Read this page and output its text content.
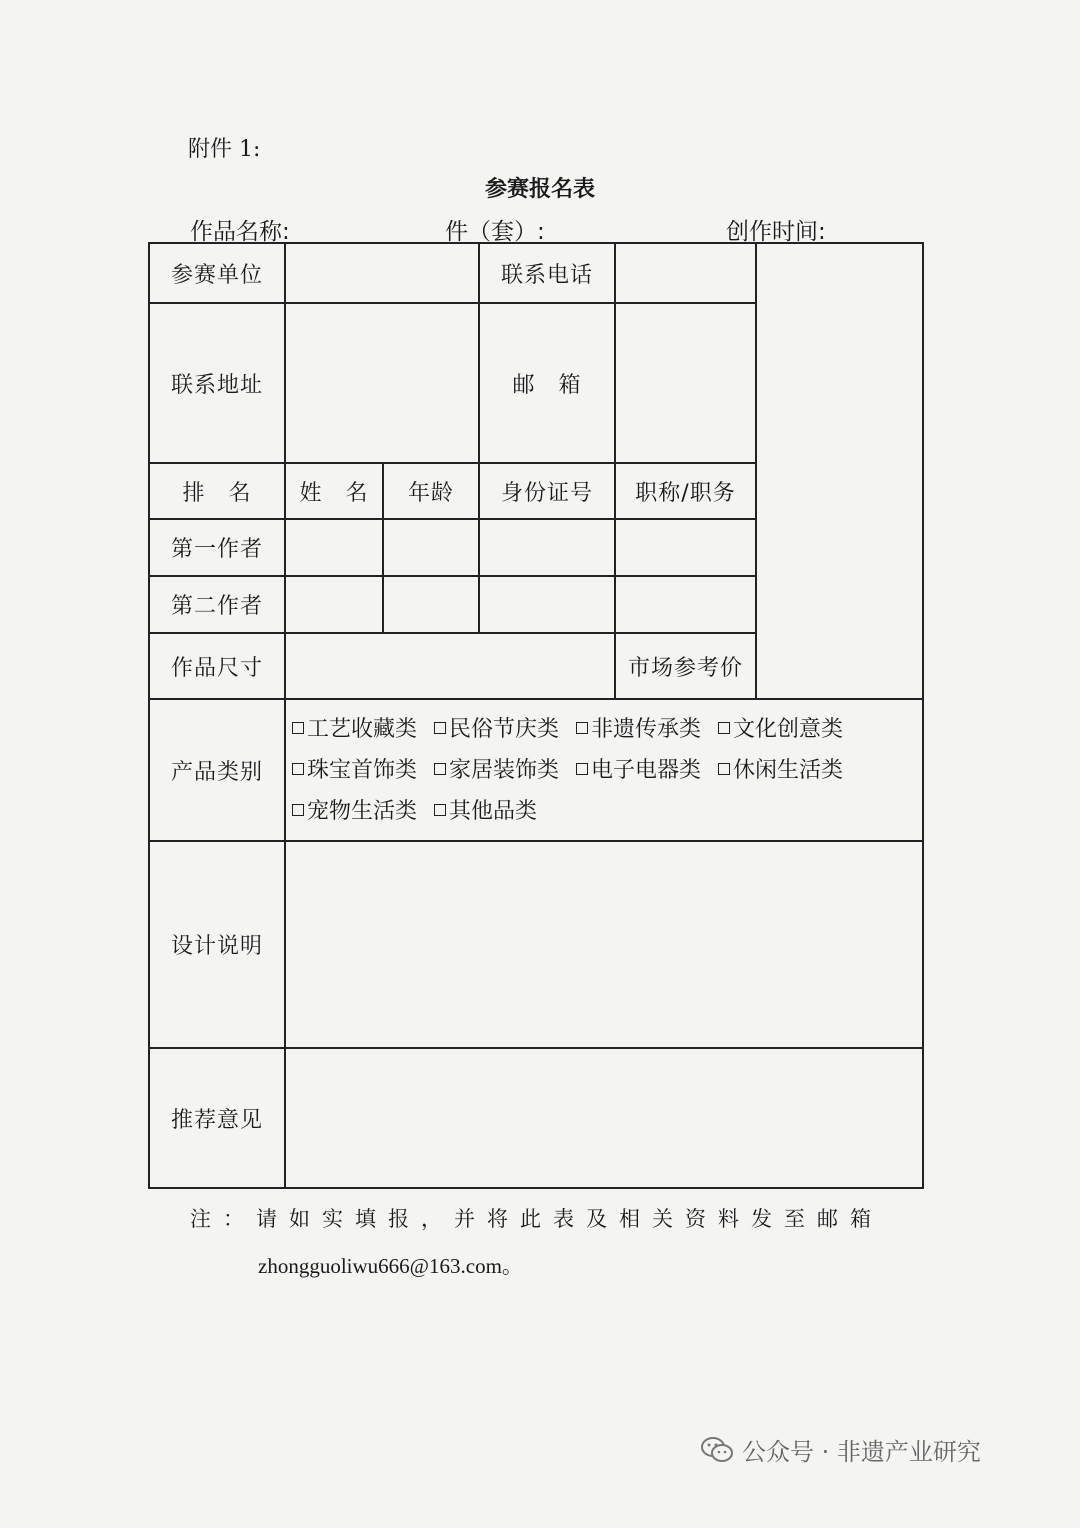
附件 1:
参赛报名表
作品名称:	件（套）:	创作时间:
参赛单位			联系电话		
联系地址			邮　箱		
排　名	姓　名	年龄	身份证号	职称/职务	
第一作者					
第二作者					
作品尺寸				市场参考价	
产品类别	工艺收藏类 民俗节庆类 非遗传承类 文化创意类 珠宝首饰类 家居装饰类 电子电器类 休闲生活类 宠物生活类 其他品类				
设计说明					
推荐意见					
注：请如实填报，并将此表及相关资料发至邮箱
zhongguoliwu666@163.com。
公众号 · 非遗产业研究
